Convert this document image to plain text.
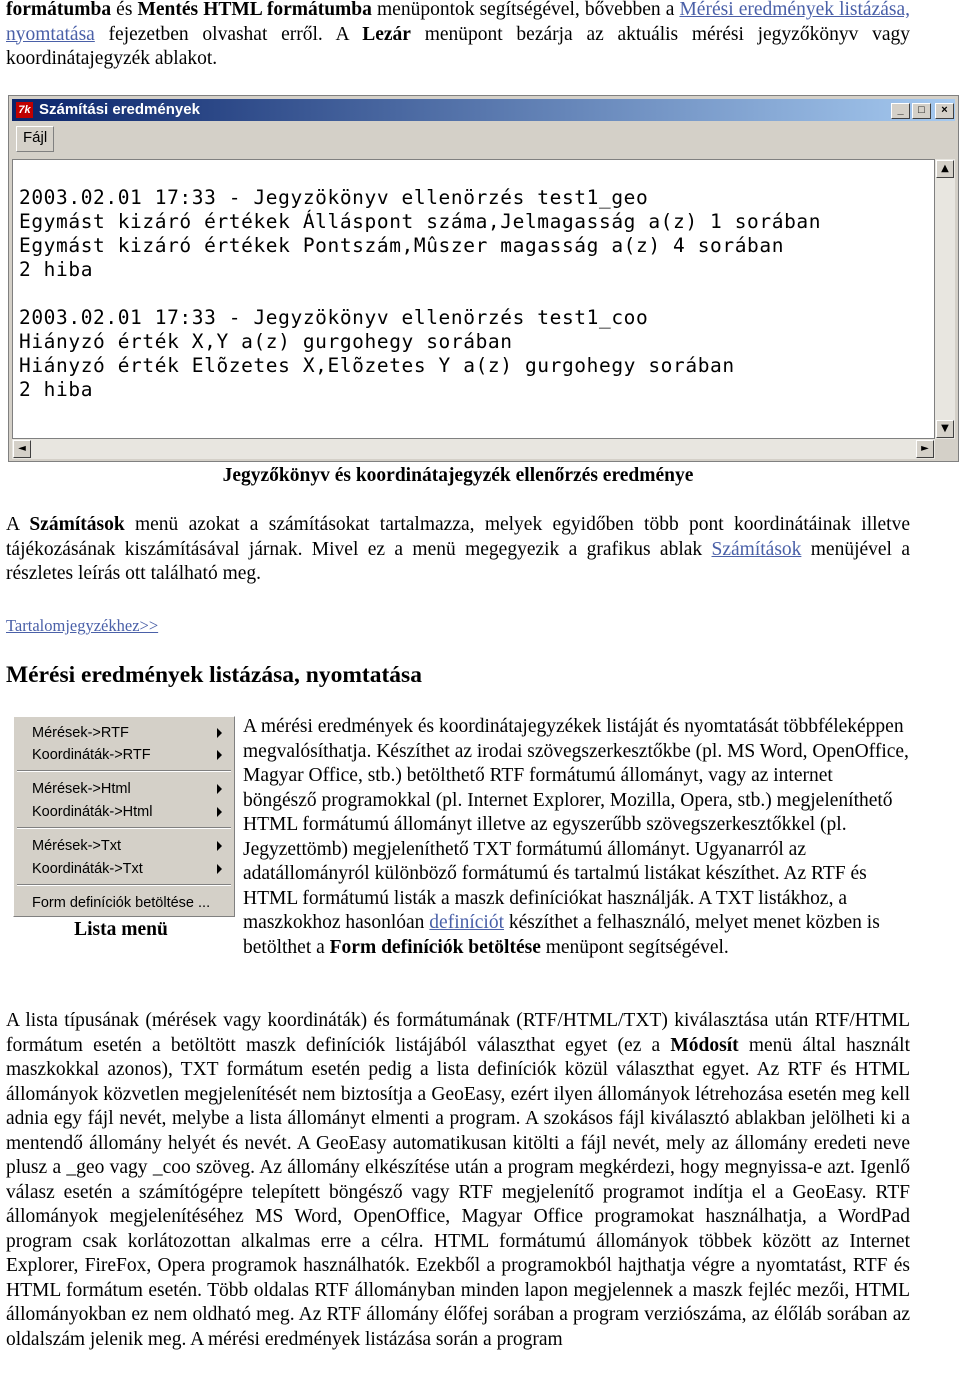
formátumba és Mentés HTML formátumba menüpontok segítségével, bővebben a Mérési eredmények listázása, nyomtatása fejezetben olvashat erről. A Lezár menüpont bezárja az aktuális mérési jegyzőkönyv vagy koordinátajegyzék ablakot.
7k Számítási eredmények	_	□	×
Fájl
2003.02.01 17:33 - Jegyzökönyv ellenörzés test1_geo
Egymást kizáró értékek Álláspont száma,Jelmagasság a(z) 1 sorában
Egymást kizáró értékek Pontszám,Mûszer magasság a(z) 4 sorában
2 hiba

2003.02.01 17:33 - Jegyzökönyv ellenörzés test1_coo
Hiányzó érték X,Y a(z) gurgohegy sorában
Hiányzó érték Elõzetes X,Elõzetes Y a(z) gurgohegy sorában
2 hiba
▲
▼
◄	►
Jegyzőkönyv és koordinátajegyzék ellenőrzés eredménye
A Számítások menü azokat a számításokat tartalmazza, melyek egyidőben több pont koordinátáinak illetve tájékozásának kiszámításával járnak. Mivel ez a menü megegyezik a grafikus ablak Számítások menüjével a részletes leírás ott található meg.
Tartalomjegyzékhez>>
Mérési eredmények listázása, nyomtatása
Mérések->RTF
Koordináták->RTF
Mérések->Html
Koordináták->Html
Mérések->Txt
Koordináták->Txt
Form definíciók betöltése ...
Lista menü
A mérési eredmények és koordinátajegyzékek listáját és nyomtatását többféleképpen megvalósíthatja. Készíthet az irodai szövegszerkesztőkbe (pl. MS Word, OpenOffice, Magyar Office, stb.) betölthető RTF formátumú állományt, vagy az internet böngésző programokkal (pl. Internet Explorer, Mozilla, Opera, stb.) megjeleníthető HTML formátumú állományt illetve az egyszerűbb szövegszerkesztőkkel (pl. Jegyzettömb) megjeleníthető TXT formátumú állományt. Ugyanarról az adatállományról különböző formátumú és tartalmú listákat készíthet. Az RTF és HTML formátumú listák a maszk definíciókat használják. A TXT listákhoz, a maszkokhoz hasonlóan definíciót készíthet a felhasználó, melyet menet közben is betölthet a Form definíciók betöltése menüpont segítségével.
A lista típusának (mérések vagy koordináták) és formátumának (RTF/HTML/TXT) kiválasztása után RTF/HTML formátum esetén a betöltött maszk definíciók listájából választhat egyet (ez a Módosít menü által használt maszkokkal azonos), TXT formátum esetén pedig a lista definíciók közül választhat egyet. Az RTF és HTML állományok közvetlen megjelenítését nem biztosítja a GeoEasy, ezért ilyen állományok létrehozása esetén meg kell adnia egy fájl nevét, melybe a lista állományt elmenti a program. A szokásos fájl kiválasztó ablakban jelölheti ki a mentendő állomány helyét és nevét. A GeoEasy automatikusan kitölti a fájl nevét, mely az állomány eredeti neve plusz a _geo vagy _coo szöveg. Az állomány elkészítése után a program megkérdezi, hogy megnyissa-e azt. Igenlő válasz esetén a számítógépre telepített böngésző vagy RTF megjelenítő programot indítja el a GeoEasy. RTF állományok megjelenítéséhez MS Word, OpenOffice, Magyar Office programokat használhatja, a WordPad program csak korlátozottan alkalmas erre a célra. HTML formátumú állományok többek között az Internet Explorer, FireFox, Opera programok használhatók. Ezekből a programokból hajthatja végre a nyomtatást, RTF és HTML formátum esetén. Több oldalas RTF állományban minden lapon megjelennek a maszk fejléc mezői, HTML állományokban ez nem oldható meg. Az RTF állomány élőfej sorában a program verziószáma, az élőláb sorában az oldalszám jelenik meg. A mérési eredmények listázása során a program
